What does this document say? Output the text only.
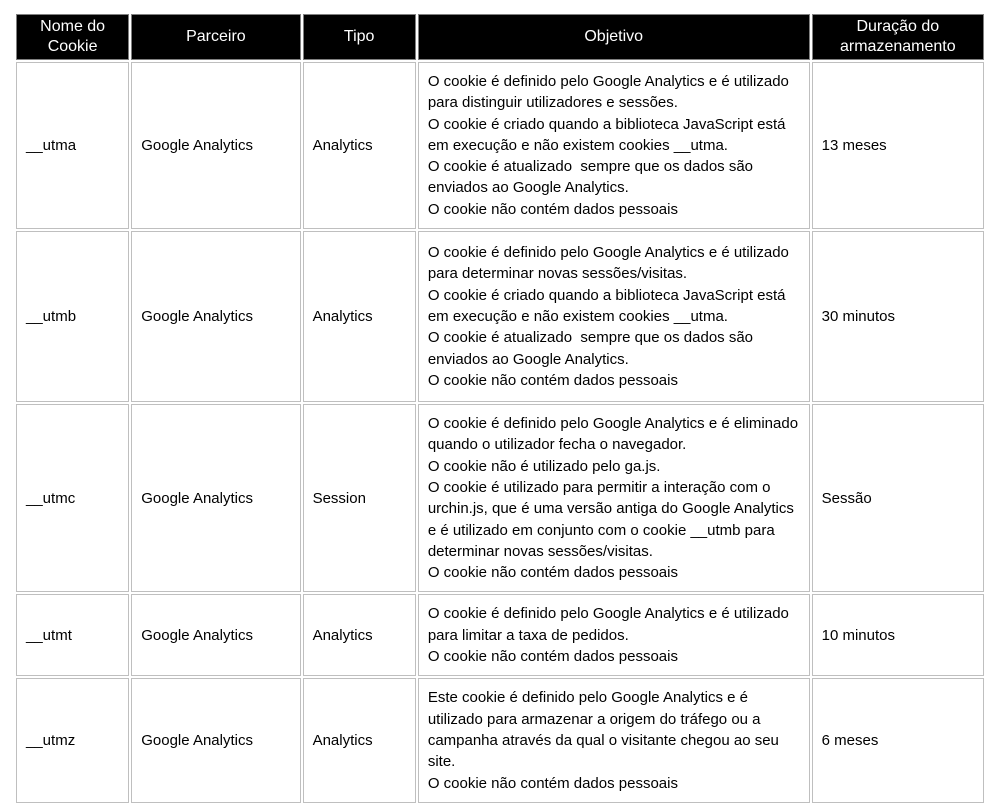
Nome do Cookie	Parceiro	Tipo	Objetivo	Duração do armazenamento
__utma	Google Analytics	Analytics	O cookie é definido pelo Google Analytics e é utilizado para distinguir utilizadores e sessões.
O cookie é criado quando a biblioteca JavaScript está em execução e não existem cookies __utma.
O cookie é atualizado  sempre que os dados são enviados ao Google Analytics.
O cookie não contém dados pessoais	13 meses
__utmb	Google Analytics	Analytics	O cookie é definido pelo Google Analytics e é utilizado para determinar novas sessões/visitas.
O cookie é criado quando a biblioteca JavaScript está em execução e não existem cookies __utma.
O cookie é atualizado  sempre que os dados são enviados ao Google Analytics.
O cookie não contém dados pessoais	30 minutos
__utmc	Google Analytics	Session	O cookie é definido pelo Google Analytics e é eliminado quando o utilizador fecha o navegador.
O cookie não é utilizado pelo ga.js.
O cookie é utilizado para permitir a interação com o urchin.js, que é uma versão antiga do Google Analytics e é utilizado em conjunto com o cookie __utmb para determinar novas sessões/visitas.
O cookie não contém dados pessoais	Sessão
__utmt	Google Analytics	Analytics	O cookie é definido pelo Google Analytics e é utilizado para limitar a taxa de pedidos.
O cookie não contém dados pessoais	10 minutos
__utmz	Google Analytics	Analytics	Este cookie é definido pelo Google Analytics e é utilizado para armazenar a origem do tráfego ou a campanha através da qual o visitante chegou ao seu site.
O cookie não contém dados pessoais	6 meses
